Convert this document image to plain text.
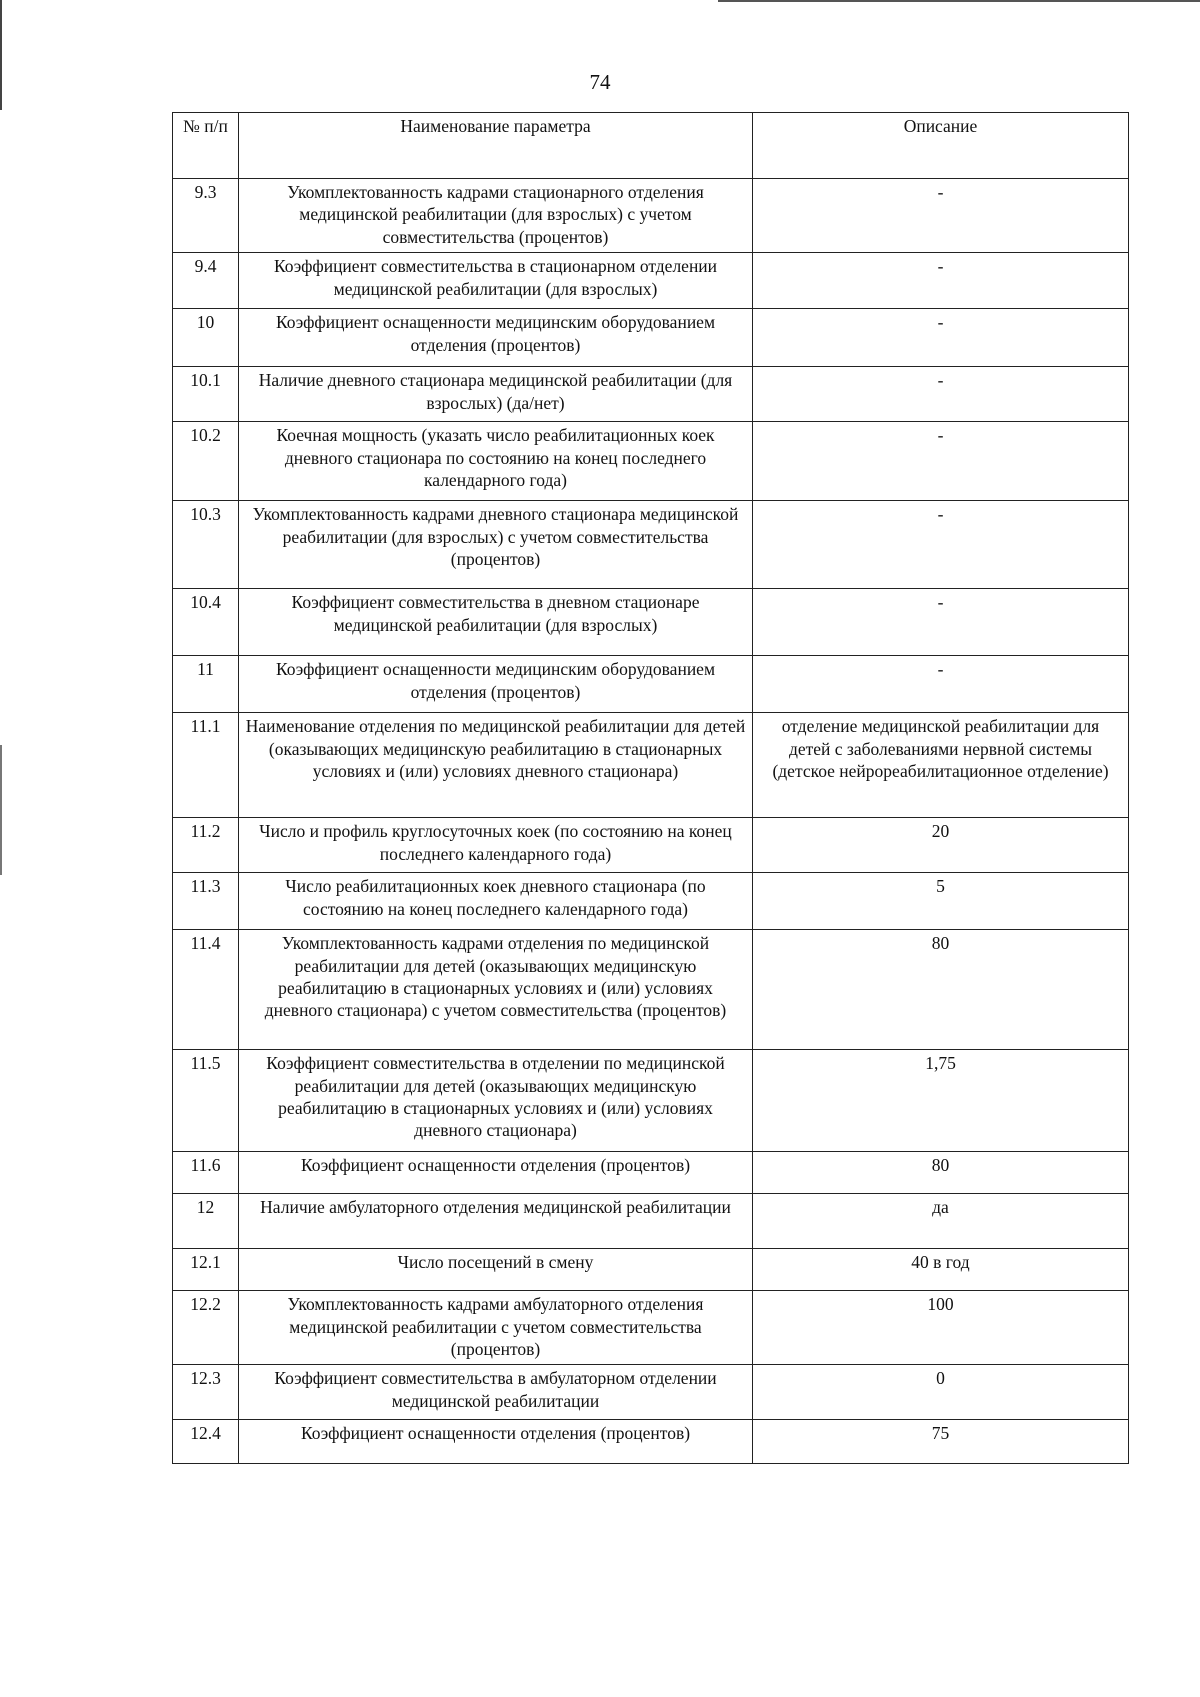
74
№ п/п	Наименование параметра	Описание
9.3	Укомплектованность кадрами стационарного отделения медицинской реабилитации (для взрослых) с учетом совместительства (процентов)	-
9.4	Коэффициент совместительства в стационарном отделении медицинской реабилитации (для взрослых)	-
10	Коэффициент оснащенности медицинским оборудованием отделения (процентов)	-
10.1	Наличие дневного стационара медицинской реабилитации (для взрослых) (да/нет)	-
10.2	Коечная мощность (указать число реабилитационных коек дневного стационара по состоянию на конец последнего календарного года)	-
10.3	Укомплектованность кадрами дневного стационара медицинской реабилитации (для взрослых) с учетом совместительства (процентов)	-
10.4	Коэффициент совместительства в дневном стационаре медицинской реабилитации (для взрослых)	-
11	Коэффициент оснащенности медицинским оборудованием отделения (процентов)	-
11.1	Наименование отделения по медицинской реабилитации для детей (оказывающих медицинскую реабилитацию в стационарных условиях и (или) условиях дневного стационара)	отделение медицинской реабилитации для детей с заболеваниями нервной системы (детское нейрореабилитационное отделение)
11.2	Число и профиль круглосуточных коек (по состоянию на конец последнего календарного года)	20
11.3	Число реабилитационных коек дневного стационара (по состоянию на конец последнего календарного года)	5
11.4	Укомплектованность кадрами отделения по медицинской реабилитации для детей (оказывающих медицинскую реабилитацию в стационарных условиях и (или) условиях дневного стационара) с учетом совместительства (процентов)	80
11.5	Коэффициент совместительства в отделении по медицинской реабилитации для детей (оказывающих медицинскую реабилитацию в стационарных условиях и (или) условиях дневного стационара)	1,75
11.6	Коэффициент оснащенности отделения (процентов)	80
12	Наличие амбулаторного отделения медицинской реабилитации	да
12.1	Число посещений в смену	40 в год
12.2	Укомплектованность кадрами амбулаторного отделения медицинской реабилитации с учетом совместительства (процентов)	100
12.3	Коэффициент совместительства в амбулаторном отделении медицинской реабилитации	0
12.4	Коэффициент оснащенности отделения (процентов)	75
